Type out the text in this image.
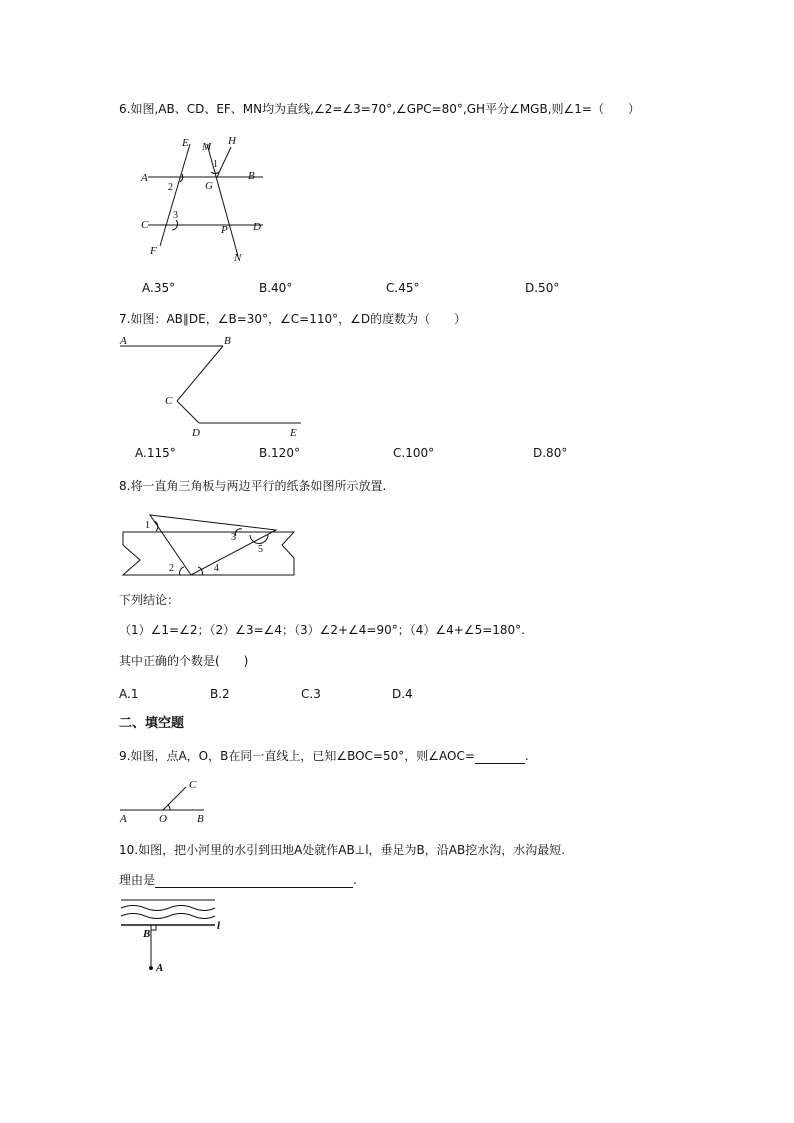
6.如图,AB、CD、EF、MN均为直线,∠2=∠3=70°,∠GPC=80°,GH平分∠MGB,则∠1=（　　）
E M H
A	B
G
C	D
F
P
N
1
2
3
A.35°	B.40°	C.45°	D.50°
7.如图：AB∥DE，∠B=30°，∠C=110°，∠D的度数为（　　）
A	B
C
D	E
A.115°	B.120°	C.100°	D.80°
8.将一直角三角板与两边平行的纸条如图所示放置.
1
2
3
4
5
下列结论：
（1）∠1=∠2；（2）∠3=∠4；（3）∠2+∠4=90°；（4）∠4+∠5=180°.
其中正确的个数是(　　)
A.1	B.2	C.3	D.4
二、填空题
9.如图，点A，O，B在同一直线上，已知∠BOC=50°，则∠AOC=	.
A	O	B
C
10.如图，把小河里的水引到田地A处就作AB⊥l，垂足为B，沿AB挖水沟，水沟最短.
理由是	.
B
A
l
